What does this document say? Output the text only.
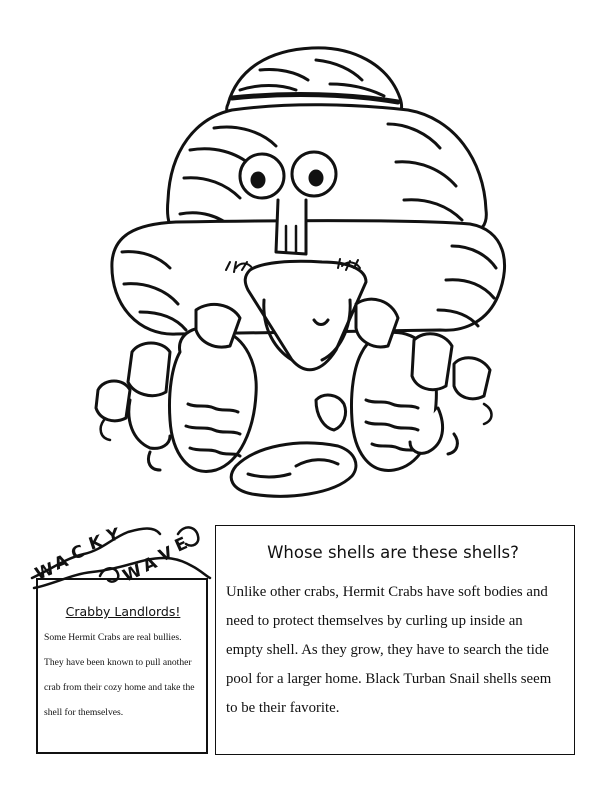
W
A
C
K Y
W
A
V
E

Crabby Landlords!

Some Hermit Crabs are real bullies. They have been known to pull another crab from their cozy home and take the shell for themselves.

Whose shells are these shells?

Unlike other crabs, Hermit Crabs have soft bodies and need to protect themselves by curling up inside an empty shell. As they grow, they have to search the tide pool for a larger home. Black Turban Snail shells seem to be their favorite.
